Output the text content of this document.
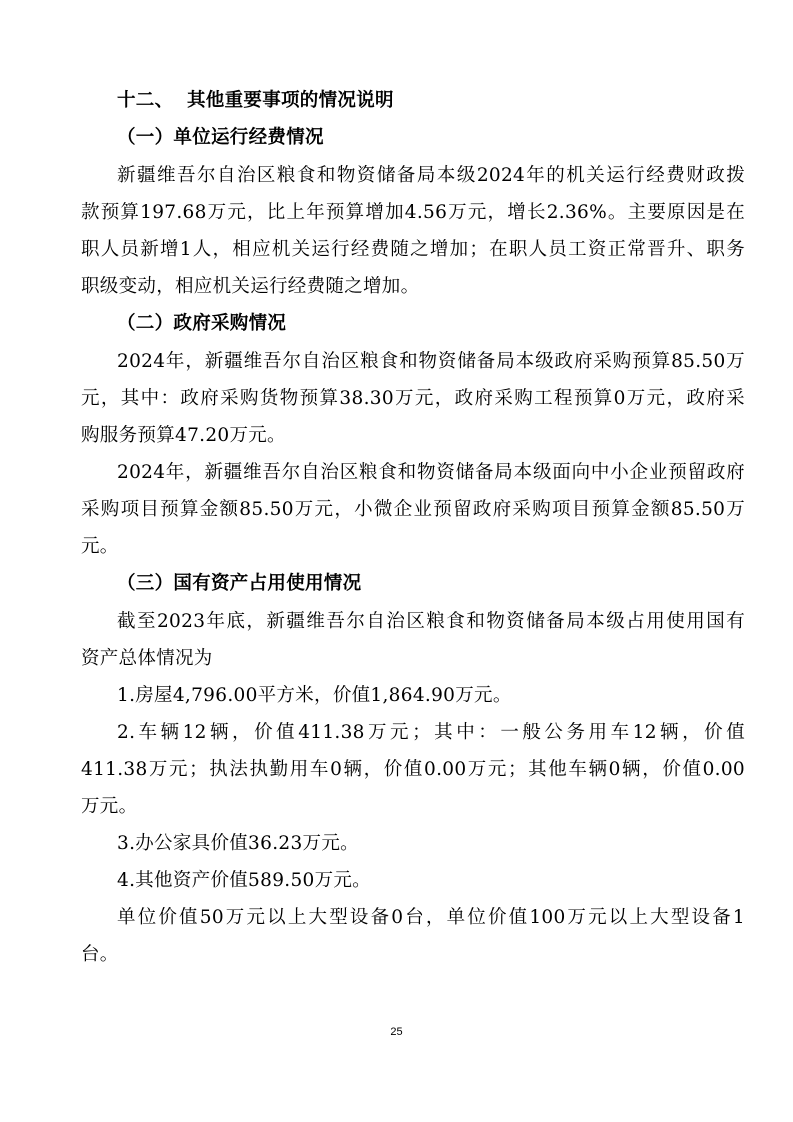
十二、 其他重要事项的情况说明
（一）单位运行经费情况
新疆维吾尔自治区粮食和物资储备局本级2024年的机关运行经费财政拨
款预算197.68万元，比上年预算增加4.56万元，增长2.36%。主要原因是在
职人员新增1人，相应机关运行经费随之增加；在职人员工资正常晋升、职务
职级变动，相应机关运行经费随之增加。
（二）政府采购情况
2024年，新疆维吾尔自治区粮食和物资储备局本级政府采购预算85.50万
元，其中：政府采购货物预算38.30万元，政府采购工程预算0万元，政府采
购服务预算47.20万元。
2024年，新疆维吾尔自治区粮食和物资储备局本级面向中小企业预留政府
采购项目预算金额85.50万元，小微企业预留政府采购项目预算金额85.50万
元。
（三）国有资产占用使用情况
截至2023年底，新疆维吾尔自治区粮食和物资储备局本级占用使用国有
资产总体情况为
1.房屋4,796.00平方米，价值1,864.90万元。
2.车辆12辆，价值411.38万元；其中：一般公务用车12辆，价值
411.38万元；执法执勤用车0辆，价值0.00万元；其他车辆0辆，价值0.00
万元。
3.办公家具价值36.23万元。
4.其他资产价值589.50万元。
单位价值50万元以上大型设备0台，单位价值100万元以上大型设备1
台。
25
